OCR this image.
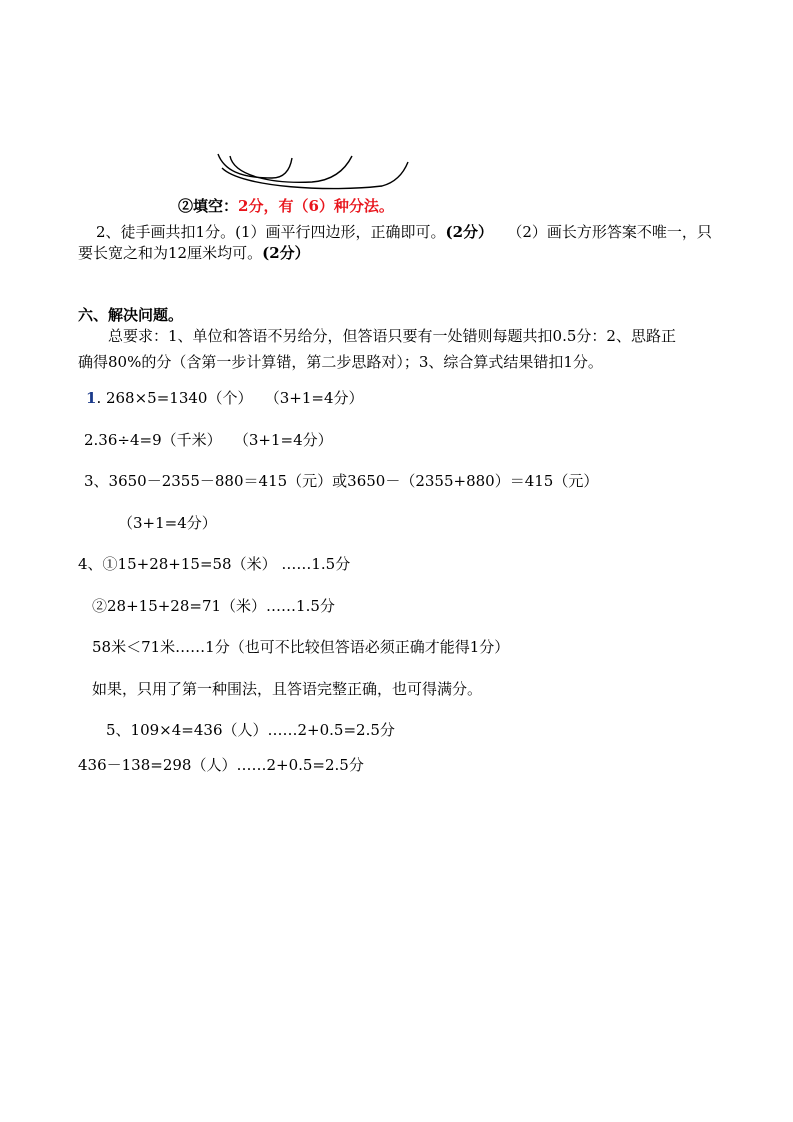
②填空：2分，有（6）种分法。
2、徒手画共扣1分。(1）画平行四边形，正确即可。(2分） （2）画长方形答案不唯一，只
要长宽之和为12厘米均可。(2分）
六、解决问题。
总要求：1、单位和答语不另给分，但答语只要有一处错则每题共扣0.5分：2、思路正
确得80%的分（含第一步计算错，第二步思路对）；3、综合算式结果错扣1分。
1. 268×5=1340（个）　 （3+1=4分）
2.36÷4=9（千米）　 （3+1=4分）
3、3650－2355－880＝415（元）或3650－（2355+880）＝415（元）
（3+1=4分）
4、①15+28+15=58（米） ……1.5分
②28+15+28=71（米）……1.5分
58米＜71米……1分（也可不比较但答语必须正确才能得1分）
如果，只用了第一种围法，且答语完整正确，也可得满分。
5、109×4=436（人）……2+0.5=2.5分
436－138=298（人）……2+0.5=2.5分
